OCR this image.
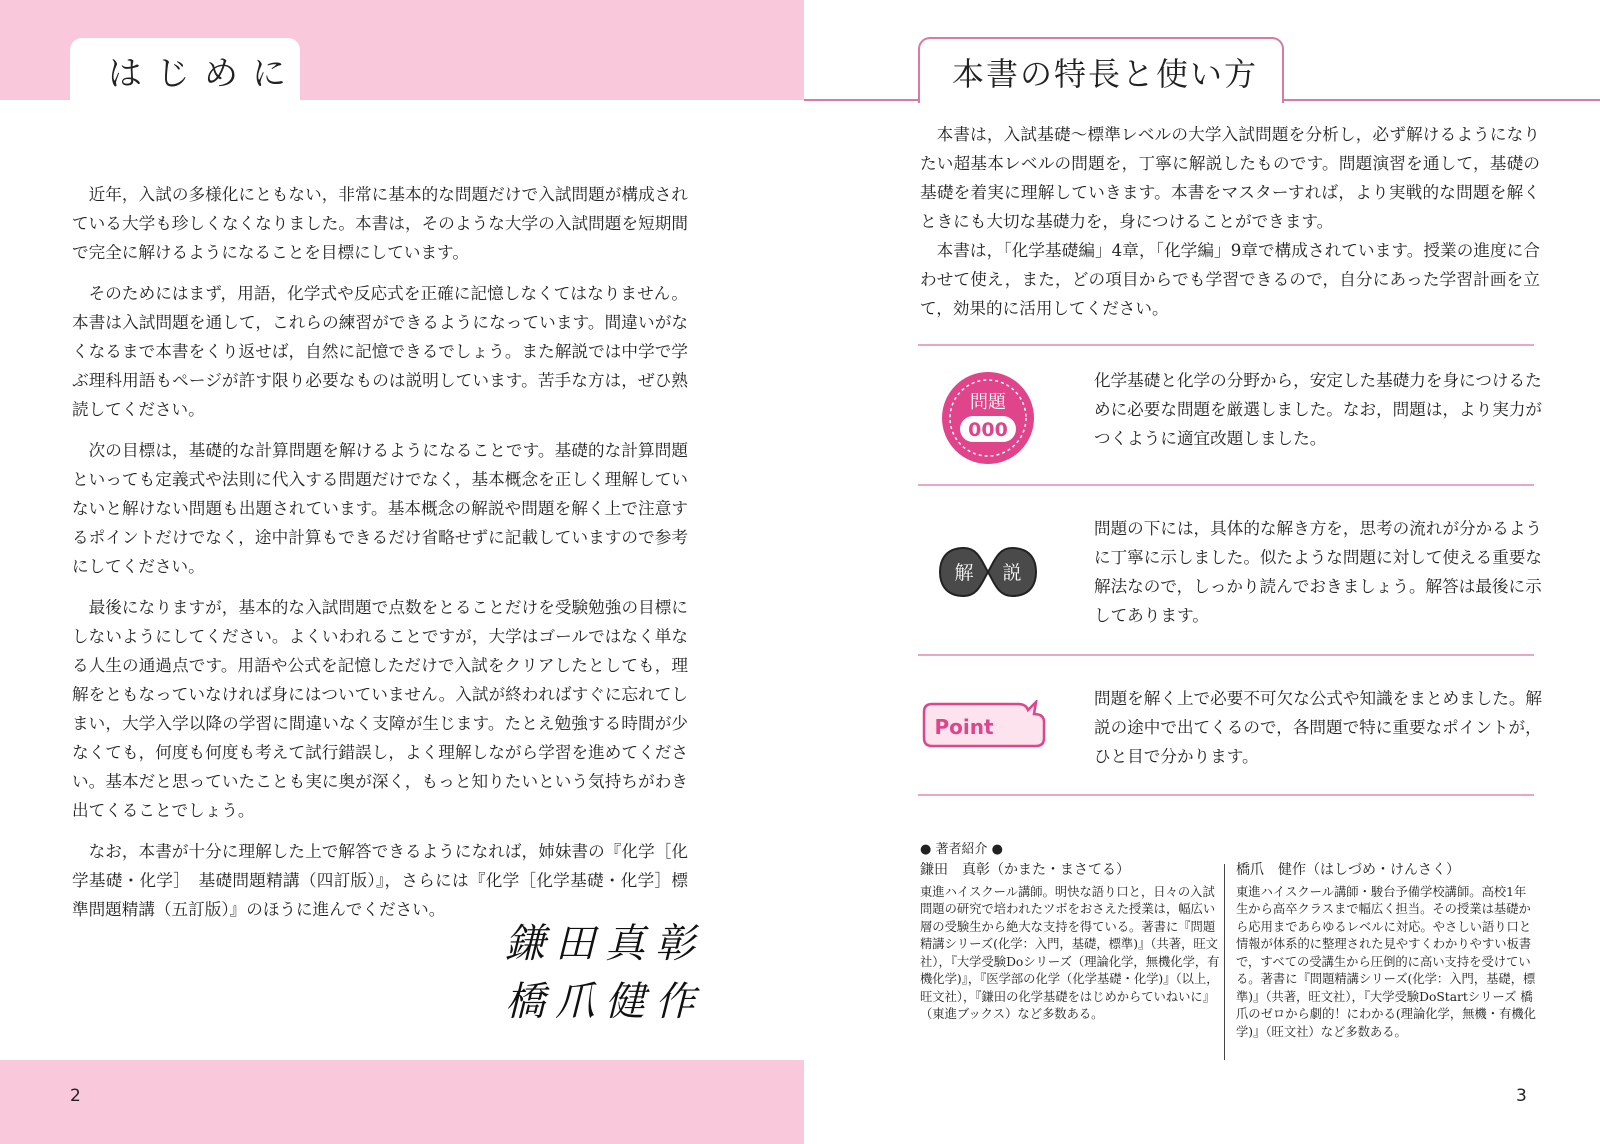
はじめに

近年，入試の多様化にともない，非常に基本的な問題だけで入試問題が構成されている大学も珍しくなくなりました。本書は，そのような大学の入試問題を短期間で完全に解けるようになることを目標にしています。

そのためにはまず，用語，化学式や反応式を正確に記憶しなくてはなりません。本書は入試問題を通して，これらの練習ができるようになっています。間違いがなくなるまで本書をくり返せば，自然に記憶できるでしょう。また解説では中学で学ぶ理科用語もページが許す限り必要なものは説明しています。苦手な方は，ぜひ熟読してください。

次の目標は，基礎的な計算問題を解けるようになることです。基礎的な計算問題といっても定義式や法則に代入する問題だけでなく，基本概念を正しく理解していないと解けない問題も出題されています。基本概念の解説や問題を解く上で注意するポイントだけでなく，途中計算もできるだけ省略せずに記載していますので参考にしてください。

最後になりますが，基本的な入試問題で点数をとることだけを受験勉強の目標にしないようにしてください。よくいわれることですが，大学はゴールではなく単なる人生の通過点です。用語や公式を記憶しただけで入試をクリアしたとしても，理解をともなっていなければ身にはついていません。入試が終わればすぐに忘れてしまい，大学入学以降の学習に間違いなく支障が生じます。たとえ勉強する時間が少なくても，何度も何度も考えて試行錯誤し，よく理解しながら学習を進めてください。基本だと思っていたことも実に奥が深く，もっと知りたいという気持ちがわき出てくることでしょう。

なお，本書が十分に理解した上で解答できるようになれば，姉妹書の『化学［化学基礎・化学］　基礎問題精講（四訂版）』，さらには『化学［化学基礎・化学］標準問題精講（五訂版）』のほうに進んでください。

鎌田真彰
橋爪健作
2
本書の特長と使い方

本書は，入試基礎～標準レベルの大学入試問題を分析し，必ず解けるようになりたい超基本レベルの問題を，丁寧に解説したものです。問題演習を通して，基礎の基礎を着実に理解していきます。本書をマスターすれば，より実戦的な問題を解くときにも大切な基礎力を，身につけることができます。

本書は，「化学基礎編」4章，「化学編」9章で構成されています。授業の進度に合わせて使え，また，どの項目からでも学習できるので，自分にあった学習計画を立て，効果的に活用してください。

問題
000
化学基礎と化学の分野から，安定した基礎力を身につけるために必要な問題を厳選しました。なお，問題は，より実力がつくように適宜改題しました。
解 説
問題の下には，具体的な解き方を，思考の流れが分かるように丁寧に示しました。似たような問題に対して使える重要な解法なので，しっかり読んでおきましょう。解答は最後に示してあります。
Point
問題を解く上で必要不可欠な公式や知識をまとめました。解説の途中で出てくるので，各問題で特に重要なポイントが，ひと目で分かります。
● 著者紹介 ●
鎌田　真彰（かまた・まさてる）
東進ハイスクール講師。明快な語り口と，日々の入試問題の研究で培われたツボをおさえた授業は，幅広い層の受験生から絶大な支持を得ている。著書に『問題精講シリーズ(化学：入門，基礎，標準)』（共著，旺文社），『大学受験Doシリーズ（理論化学，無機化学，有機化学)』，『医学部の化学（化学基礎・化学)』（以上，旺文社），『鎌田の化学基礎をはじめからていねいに』（東進ブックス）など多数ある。
橋爪　健作（はしづめ・けんさく）
東進ハイスクール講師・駿台予備学校講師。高校1年生から高卒クラスまで幅広く担当。その授業は基礎から応用まであらゆるレベルに対応。やさしい語り口と情報が体系的に整理された見やすくわかりやすい板書で，すべての受講生から圧倒的に高い支持を受けている。著書に『問題精講シリーズ(化学：入門，基礎，標準)』（共著，旺文社），『大学受験DoStartシリーズ 橋爪のゼロから劇的！にわかる(理論化学，無機・有機化学)』（旺文社）など多数ある。
3
